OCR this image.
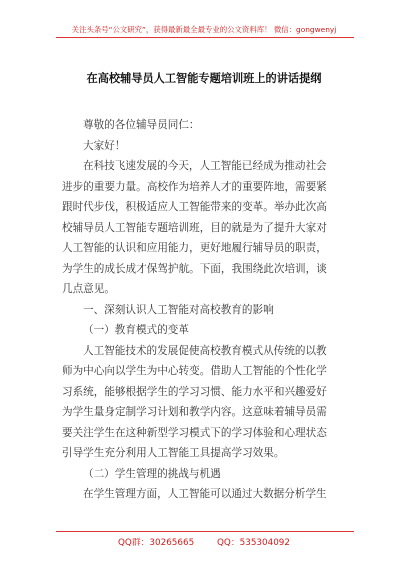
关注头条号“公文研究”，获得最新最全最专业的公文资料库！ 微信：gongwenyj
在高校辅导员人工智能专题培训班上的讲话提纲
尊敬的各位辅导员同仁：
大家好！
在科技飞速发展的今天，人工智能已经成为推动社会
进步的重要力量。高校作为培养人才的重要阵地，需要紧
跟时代步伐，积极适应人工智能带来的变革。举办此次高
校辅导员人工智能专题培训班，目的就是为了提升大家对
人工智能的认识和应用能力，更好地履行辅导员的职责，
为学生的成长成才保驾护航。下面，我围绕此次培训，谈
几点意见。
一、深刻认识人工智能对高校教育的影响
（一）教育模式的变革
人工智能技术的发展促使高校教育模式从传统的以教
师为中心向以学生为中心转变。借助人工智能的个性化学
习系统，能够根据学生的学习习惯、能力水平和兴趣爱好
为学生量身定制学习计划和教学内容。这意味着辅导员需
要关注学生在这种新型学习模式下的学习体验和心理状态
引导学生充分利用人工智能工具提高学习效果。
（二）学生管理的挑战与机遇
在学生管理方面，人工智能可以通过大数据分析学生
QQ群：30265665	QQ：535304092
